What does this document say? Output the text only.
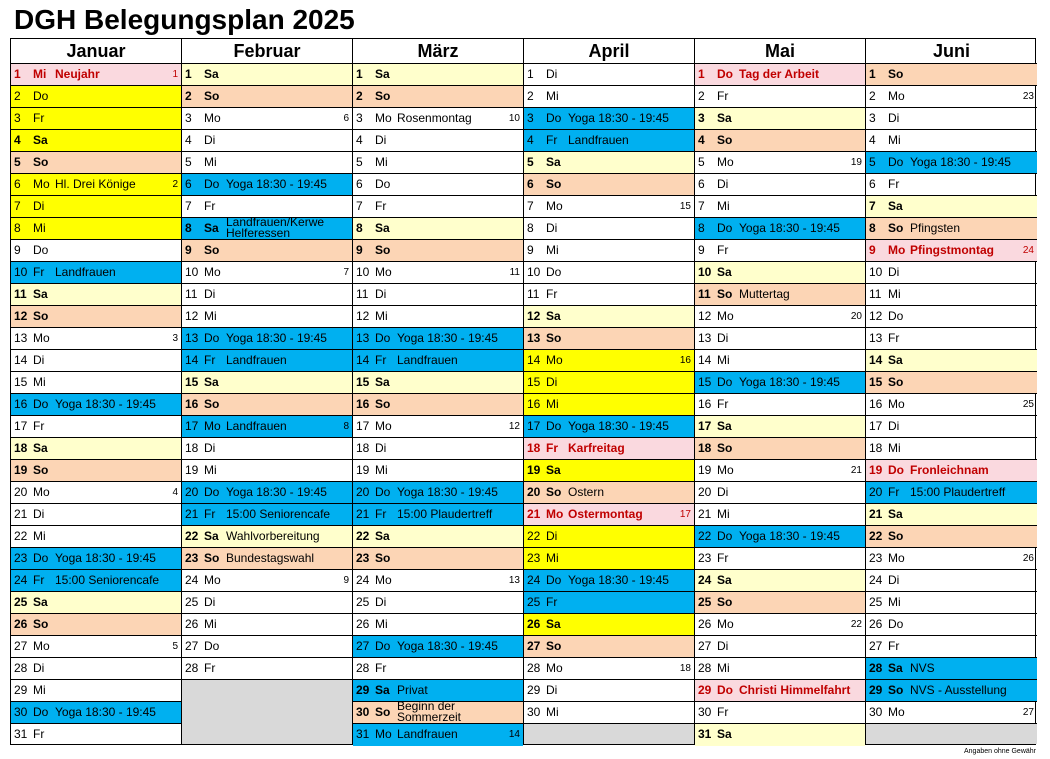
DGH Belegungsplan 2025
Januar
1 Mi Neujahr	1
2 Do
3 Fr
4 Sa
5 So
6 Mo Hl. Drei Könige	2
7 Di
8 Mi
9 Do
10 Fr Landfrauen
11 Sa
12 So
13 Mo	3
14 Di
15 Mi
16 Do Yoga 18:30 - 19:45
17 Fr
18 Sa
19 So
20 Mo	4
21 Di
22 Mi
23 Do Yoga 18:30 - 19:45
24 Fr 15:00 Seniorencafe
25 Sa
26 So
27 Mo	5
28 Di
29 Mi
30 Do Yoga 18:30 - 19:45
31 Fr
Februar
1 Sa
2 So
3 Mo	6
4 Di
5 Mi
6 Do Yoga 18:30 - 19:45
7 Fr
8 Sa Landfrauen/Kerwe Helferessen
9 So
10 Mo	7
11 Di
12 Mi
13 Do Yoga 18:30 - 19:45
14 Fr Landfrauen
15 Sa
16 So
17 Mo Landfrauen	8
18 Di
19 Mi
20 Do Yoga 18:30 - 19:45
21 Fr 15:00 Seniorencafe
22 Sa Wahlvorbereitung
23 So Bundestagswahl
24 Mo	9
25 Di
26 Mi
27 Do
28 Fr
März
1 Sa
2 So
3 Mo Rosenmontag	10
4 Di
5 Mi
6 Do
7 Fr
8 Sa
9 So
10 Mo	11
11 Di
12 Mi
13 Do Yoga 18:30 - 19:45
14 Fr Landfrauen
15 Sa
16 So
17 Mo	12
18 Di
19 Mi
20 Do Yoga 18:30 - 19:45
21 Fr 15:00 Plaudertreff
22 Sa
23 So
24 Mo	13
25 Di
26 Mi
27 Do Yoga 18:30 - 19:45
28 Fr
29 Sa Privat
30 So Beginn der Sommerzeit
31 Mo Landfrauen	14
April
1 Di
2 Mi
3 Do Yoga 18:30 - 19:45
4 Fr Landfrauen
5 Sa
6 So
7 Mo	15
8 Di
9 Mi
10 Do
11 Fr
12 Sa
13 So
14 Mo	16
15 Di
16 Mi
17 Do Yoga 18:30 - 19:45
18 Fr Karfreitag
19 Sa
20 So Ostern
21 Mo Ostermontag	17
22 Di
23 Mi
24 Do Yoga 18:30 - 19:45
25 Fr
26 Sa
27 So
28 Mo	18
29 Di
30 Mi
Mai
1 Do Tag der Arbeit
2 Fr
3 Sa
4 So
5 Mo	19
6 Di
7 Mi
8 Do Yoga 18:30 - 19:45
9 Fr
10 Sa
11 So Muttertag
12 Mo	20
13 Di
14 Mi
15 Do Yoga 18:30 - 19:45
16 Fr
17 Sa
18 So
19 Mo	21
20 Di
21 Mi
22 Do Yoga 18:30 - 19:45
23 Fr
24 Sa
25 So
26 Mo	22
27 Di
28 Mi
29 Do Christi Himmelfahrt
30 Fr
31 Sa
Juni
1 So
2 Mo	23
3 Di
4 Mi
5 Do Yoga 18:30 - 19:45
6 Fr
7 Sa
8 So Pfingsten
9 Mo Pfingstmontag	24
10 Di
11 Mi
12 Do
13 Fr
14 Sa
15 So
16 Mo	25
17 Di
18 Mi
19 Do Fronleichnam
20 Fr 15:00 Plaudertreff
21 Sa
22 So
23 Mo	26
24 Di
25 Mi
26 Do
27 Fr
28 Sa NVS
29 So NVS - Ausstellung
30 Mo	27
Angaben ohne Gewähr
